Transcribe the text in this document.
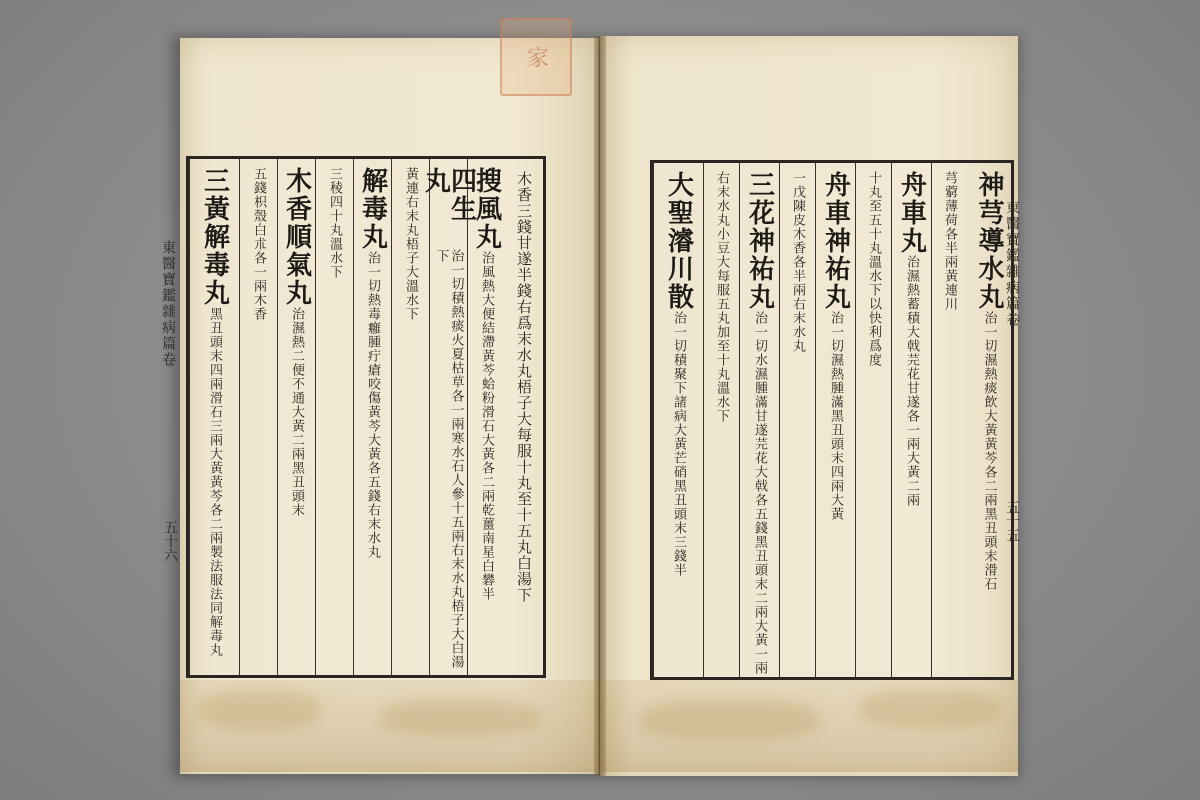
家
木香三錢甘遂半錢右爲末水丸梧子大每服十丸至十五丸白湯下
搜風丸
治風熱大便結滯黃芩蛤粉滑石大黃各二兩乾薑南星白礬半
四生丸
治一切積熱痰火夏枯草各一兩寒水石人參十五兩右末水丸梧子大白湯下
黃連右末丸梧子大溫水下
解毒丸
治一切熱毒癰腫疔瘡咬傷黃芩大黃各五錢右末水丸
三稜四十丸溫水下
木香順氣丸
治濕熱二便不通大黃二兩黑丑頭末
五錢枳殼白朮各一兩木香
三黃解毒丸
黑丑頭末四兩滑石三兩大黃黃芩各二兩製法服法同解毒丸
東醫寶鑑雜病篇卷
五十六
神芎導水丸
治一切濕熱痰飲大黃黃芩各二兩黑丑頭末滑石
芎藭薄荷各半兩黃連川
舟車丸
治濕熱蓄積大戟芫花甘遂各一兩大黃二兩
十丸至五十丸溫水下以快利爲度
舟車神祐丸
治一切濕熱腫滿黑丑頭末四兩大黃
一戊陳皮木香各半兩右末水丸
三花神祐丸
治一切水濕腫滿甘遂芫花大戟各五錢黑丑頭末二兩大黃一兩
右末水丸小豆大每服五丸加至十丸溫水下
大聖濬川散
治一切積聚下諸病大黃芒硝黑丑頭末三錢半
東醫寶鑑雜病篇卷
五十五
